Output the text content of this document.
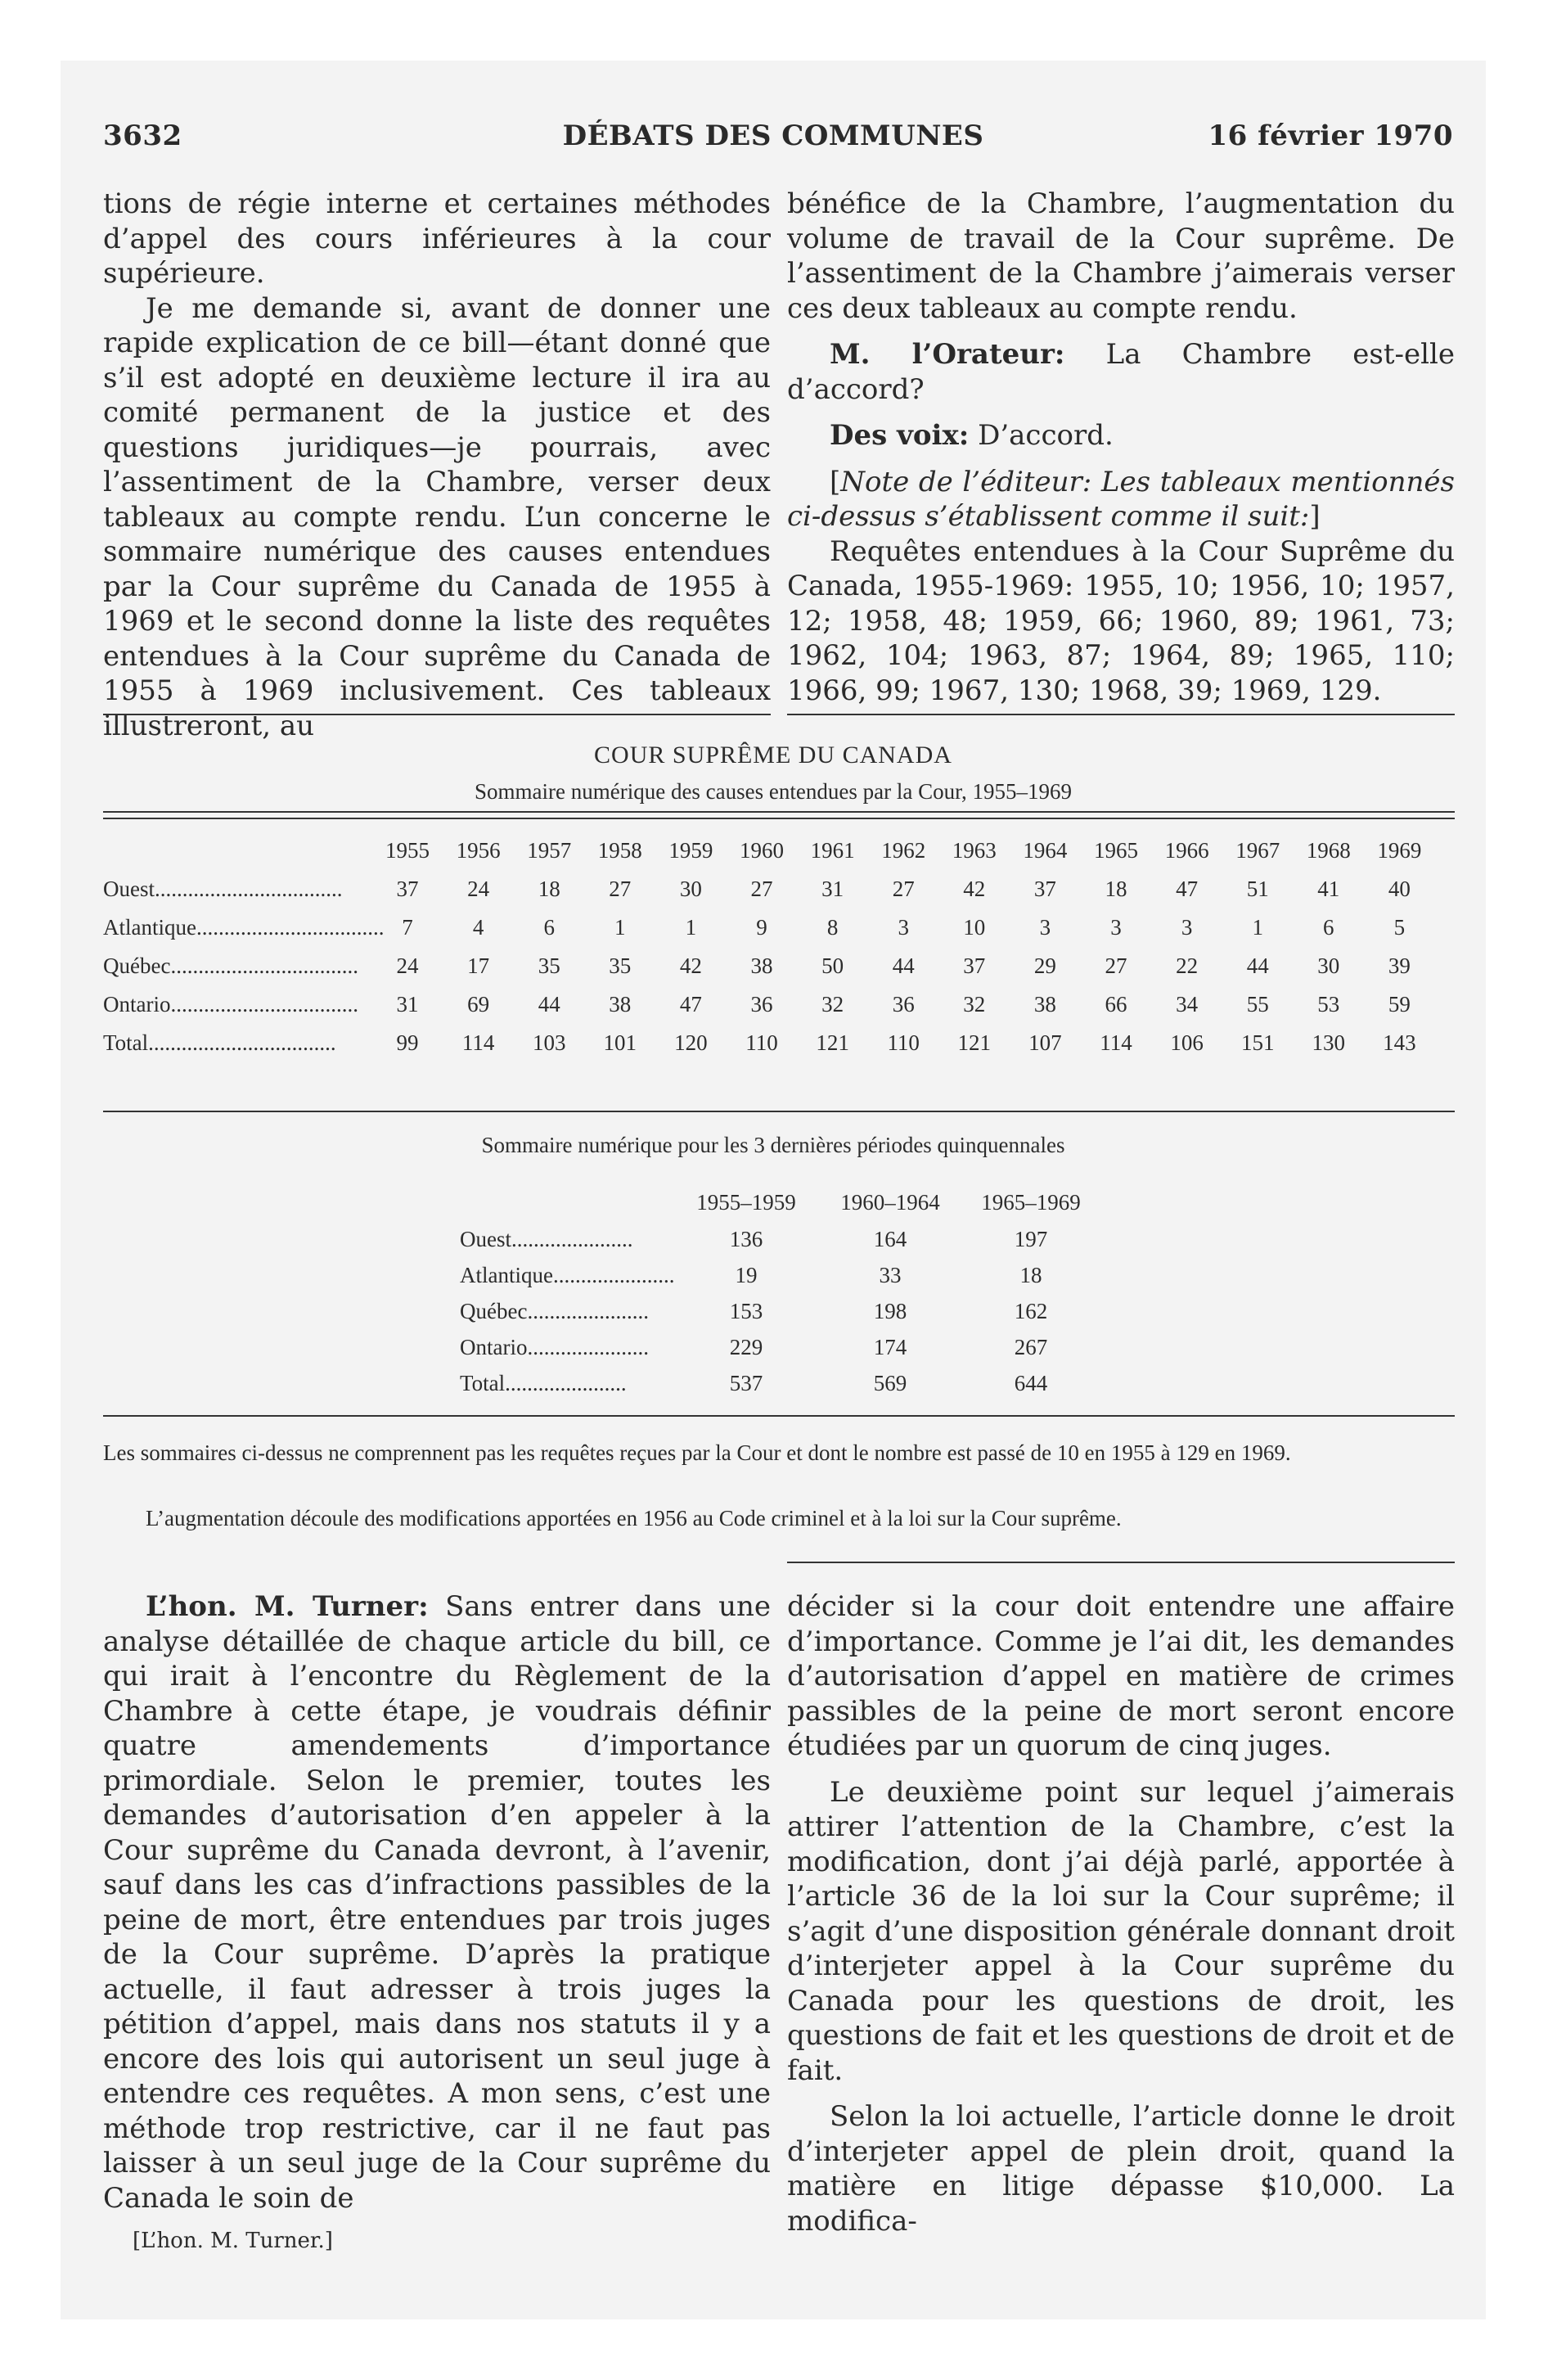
3632	DÉBATS DES COMMUNES	16 février 1970

tions de régie interne et certaines méthodes d’appel des cours inférieures à la cour supérieure.

Je me demande si, avant de donner une rapide explication de ce bill—étant donné que s’il est adopté en deuxième lecture il ira au comité permanent de la justice et des questions juridiques—je pourrais, avec l’assentiment de la Chambre, verser deux tableaux au compte rendu. L’un concerne le sommaire numérique des causes entendues par la Cour suprême du Canada de 1955 à 1969 et le second donne la liste des requêtes entendues à la Cour suprême du Canada de 1955 à 1969 inclusivement. Ces tableaux illustreront, au

bénéfice de la Chambre, l’augmentation du volume de travail de la Cour suprême. De l’assentiment de la Chambre j’aimerais verser ces deux tableaux au compte rendu.

M. l’Orateur: La Chambre est-elle d’accord?

Des voix: D’accord.

[Note de l’éditeur: Les tableaux mentionnés ci-dessus s’établissent comme il suit:]

Requêtes entendues à la Cour Suprême du Canada, 1955-1969: 1955, 10; 1956, 10; 1957, 12; 1958, 48; 1959, 66; 1960, 89; 1961, 73; 1962, 104; 1963, 87; 1964, 89; 1965, 110; 1966, 99; 1967, 130; 1968, 39; 1969, 129.

COUR SUPRÊME DU CANADA
Sommaire numérique des causes entendues par la Cour, 1955–1969
1955 1956 1957 1958 1959 1960 1961 1962 1963 1964 1965 1966 1967 1968 1969
Ouest..................................	37	24	18	27	30	27	31	27	42	37	18	47	51	41	40
Atlantique.................................. 7	4	6	1	1	9	8	3	10	3	3	3	1	6	5
Québec..................................	24	17	35	35	42	38	50	44	37	29	27	22	44	30	39
Ontario..................................	31	69	44	38	47	36	32	36	32	38	66	34	55	53	59
Total..................................	99	114	103	101	120	110	121	110	121	107	114	106	151	130	143
Sommaire numérique pour les 3 dernières périodes quinquennales
1955–1959	1960–1964	1965–1969
Ouest......................	136	164	197
Atlantique......................	19	33	18
Québec......................	153	198	162
Ontario......................	229	174	267
Total......................	537	569	644
Les sommaires ci-dessus ne comprennent pas les requêtes reçues par la Cour et dont le nombre est passé de 10 en 1955 à 129 en 1969.
L’augmentation découle des modifications apportées en 1956 au Code criminel et à la loi sur la Cour suprême.

L’hon. M. Turner: Sans entrer dans une analyse détaillée de chaque article du bill, ce qui irait à l’encontre du Règlement de la Chambre à cette étape, je voudrais définir quatre amendements d’importance primordiale. Selon le premier, toutes les demandes d’autorisation d’en appeler à la Cour suprême du Canada devront, à l’avenir, sauf dans les cas d’infractions passibles de la peine de mort, être entendues par trois juges de la Cour suprême. D’après la pratique actuelle, il faut adresser à trois juges la pétition d’appel, mais dans nos statuts il y a encore des lois qui autorisent un seul juge à entendre ces requêtes. A mon sens, c’est une méthode trop restrictive, car il ne faut pas laisser à un seul juge de la Cour suprême du Canada le soin de

[L’hon. M. Turner.]

décider si la cour doit entendre une affaire d’importance. Comme je l’ai dit, les demandes d’autorisation d’appel en matière de crimes passibles de la peine de mort seront encore étudiées par un quorum de cinq juges.

Le deuxième point sur lequel j’aimerais attirer l’attention de la Chambre, c’est la modification, dont j’ai déjà parlé, apportée à l’article 36 de la loi sur la Cour suprême; il s’agit d’une disposition générale donnant droit d’interjeter appel à la Cour suprême du Canada pour les questions de droit, les questions de fait et les questions de droit et de fait.

Selon la loi actuelle, l’article donne le droit d’interjeter appel de plein droit, quand la matière en litige dépasse $10,000. La modifica-
